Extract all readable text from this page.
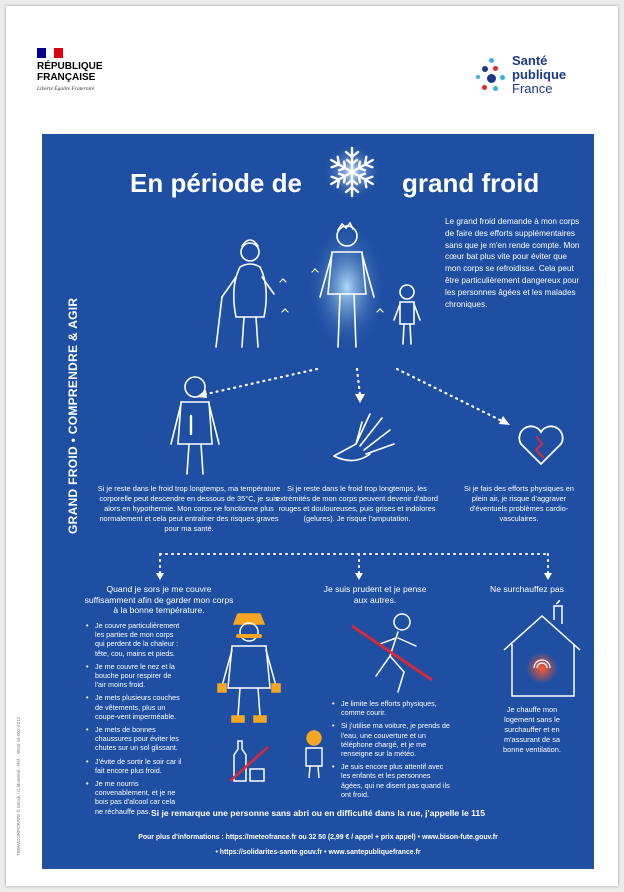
RÉPUBLIQUE FRANÇAISE
Liberté Égalité Fraternité
Santé
publique
France
TBWA\CORPORATE © iStock / C.Montreal - Réf. : WG0 44-002-2212
GRAND FROID • COMPRENDRE & AGIR
En période de	grand froid
Le grand froid demande à mon corps de faire des efforts supplémentaires sans que je m'en rende compte. Mon cœur bat plus vite pour éviter que mon corps se refroidisse. Cela peut être particulièrement dangereux pour les personnes âgées et les malades chroniques.
Si je reste dans le froid trop longtemps, ma température corporelle peut descendre en dessous de 35°C, je suis alors en hypothermie. Mon corps ne fonctionne plus normalement et cela peut entraîner des risques graves pour ma santé.
Si je reste dans le froid trop longtemps, les extrémités de mon corps peuvent devenir d'abord rouges et douloureuses, puis grises et indolores (gelures). Je risque l'amputation.
Si je fais des efforts physiques en plein air, je risque d'aggraver d'éventuels problèmes cardio-vasculaires.
Quand je sors je me couvre suffisamment afin de garder mon corps à la bonne température.
Je suis prudent et je pense aux autres.
Ne surchauffez pas
• Je couvre particulièrement les parties de mon corps qui perdent de la chaleur : tête, cou, mains et pieds.
• Je me couvre le nez et la bouche pour respirer de l'air moins froid.
• Je mets plusieurs couches de vêtements, plus un coupe-vent imperméable.
• Je mets de bonnes chaussures pour éviter les chutes sur un sol glissant.
• J'évite de sortir le soir car il fait encore plus froid.
• Je me nourris convenablement, et je ne bois pas d'alcool car cela ne réchauffe pas.
• Je limite les efforts physiques, comme courir.
• Si j'utilise ma voiture, je prends de l'eau, une couverture et un téléphone chargé, et je me renseigne sur la météo.
• Je suis encore plus attentif avec les enfants et les personnes âgées, qui ne disent pas quand ils ont froid.
Je chauffe mon logement sans le surchauffer et en m'assurant de sa bonne ventilation.
Si je remarque une personne sans abri ou en difficulté dans la rue, j'appelle le 115
Pour plus d'informations : https://meteofrance.fr ou 32 50 (2,99 € / appel + prix appel) • www.bison-fute.gouv.fr
• https://solidarites-sante.gouv.fr • www.santepubliquefrance.fr
